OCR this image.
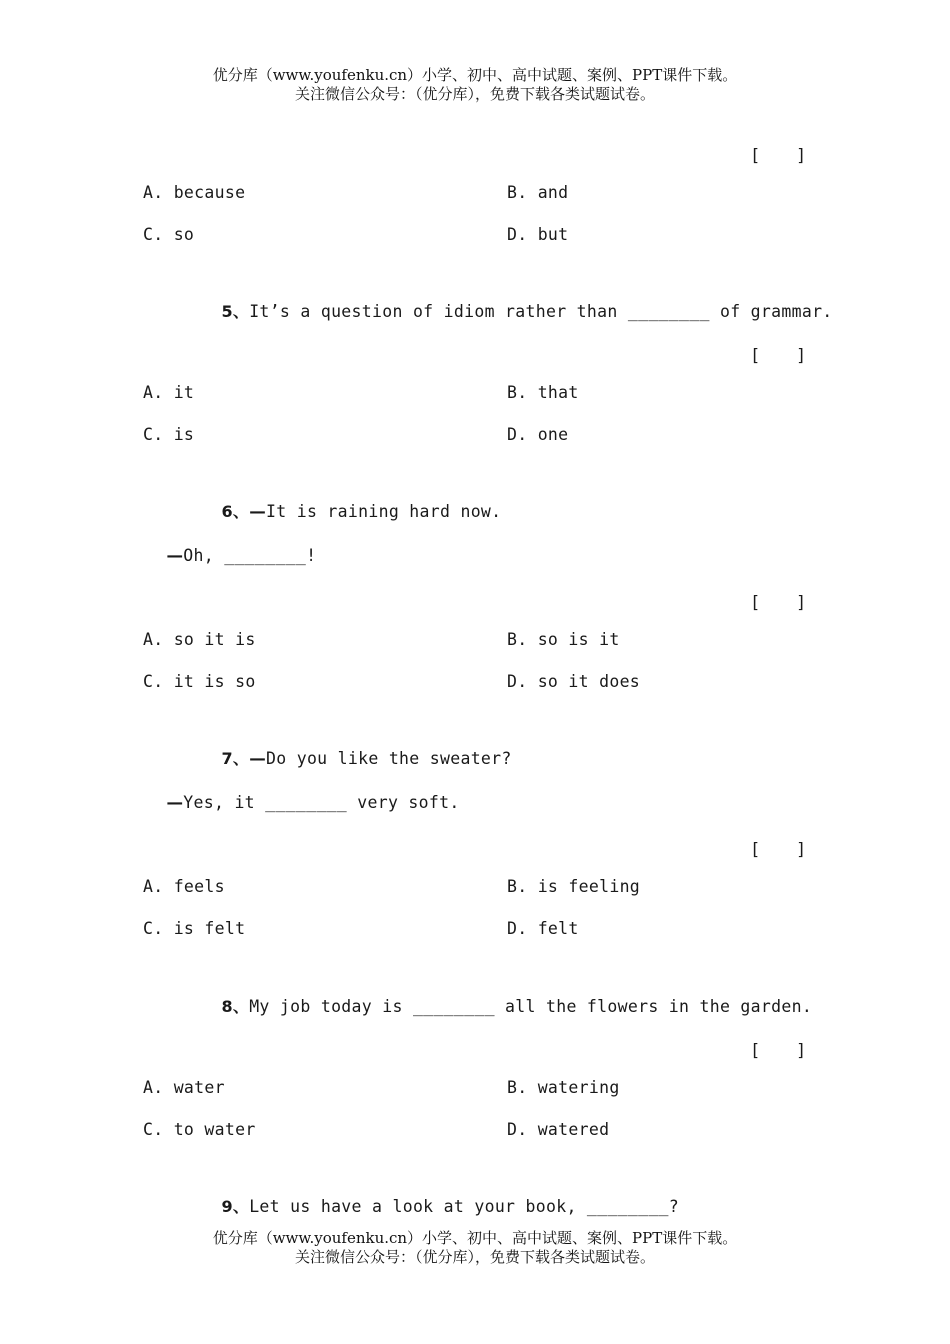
优分库（www.youfenku.cn）小学、初中、高中试题、案例、PPT课件下载。
关注微信公众号：（优分库），免费下载各类试题试卷。

[ ]

A. because	B. and
C. so	D. but

5、It’s a question of idiom rather than ________ of grammar.

[ ]

A. it	B. that
C. is	D. one

6、—It is raining hard now.

—Oh, ________!

[ ]

A. so it is	B. so is it
C. it is so	D. so it does

7、—Do you like the sweater?

—Yes, it ________ very soft.

[ ]

A. feels	B. is feeling
C. is felt	D. felt

8、My job today is ________ all the flowers in the garden.

[ ]

A. water	B. watering
C. to water	D. watered

9、Let us have a look at your book, ________?

优分库（www.youfenku.cn）小学、初中、高中试题、案例、PPT课件下载。
关注微信公众号：（优分库），免费下载各类试题试卷。
